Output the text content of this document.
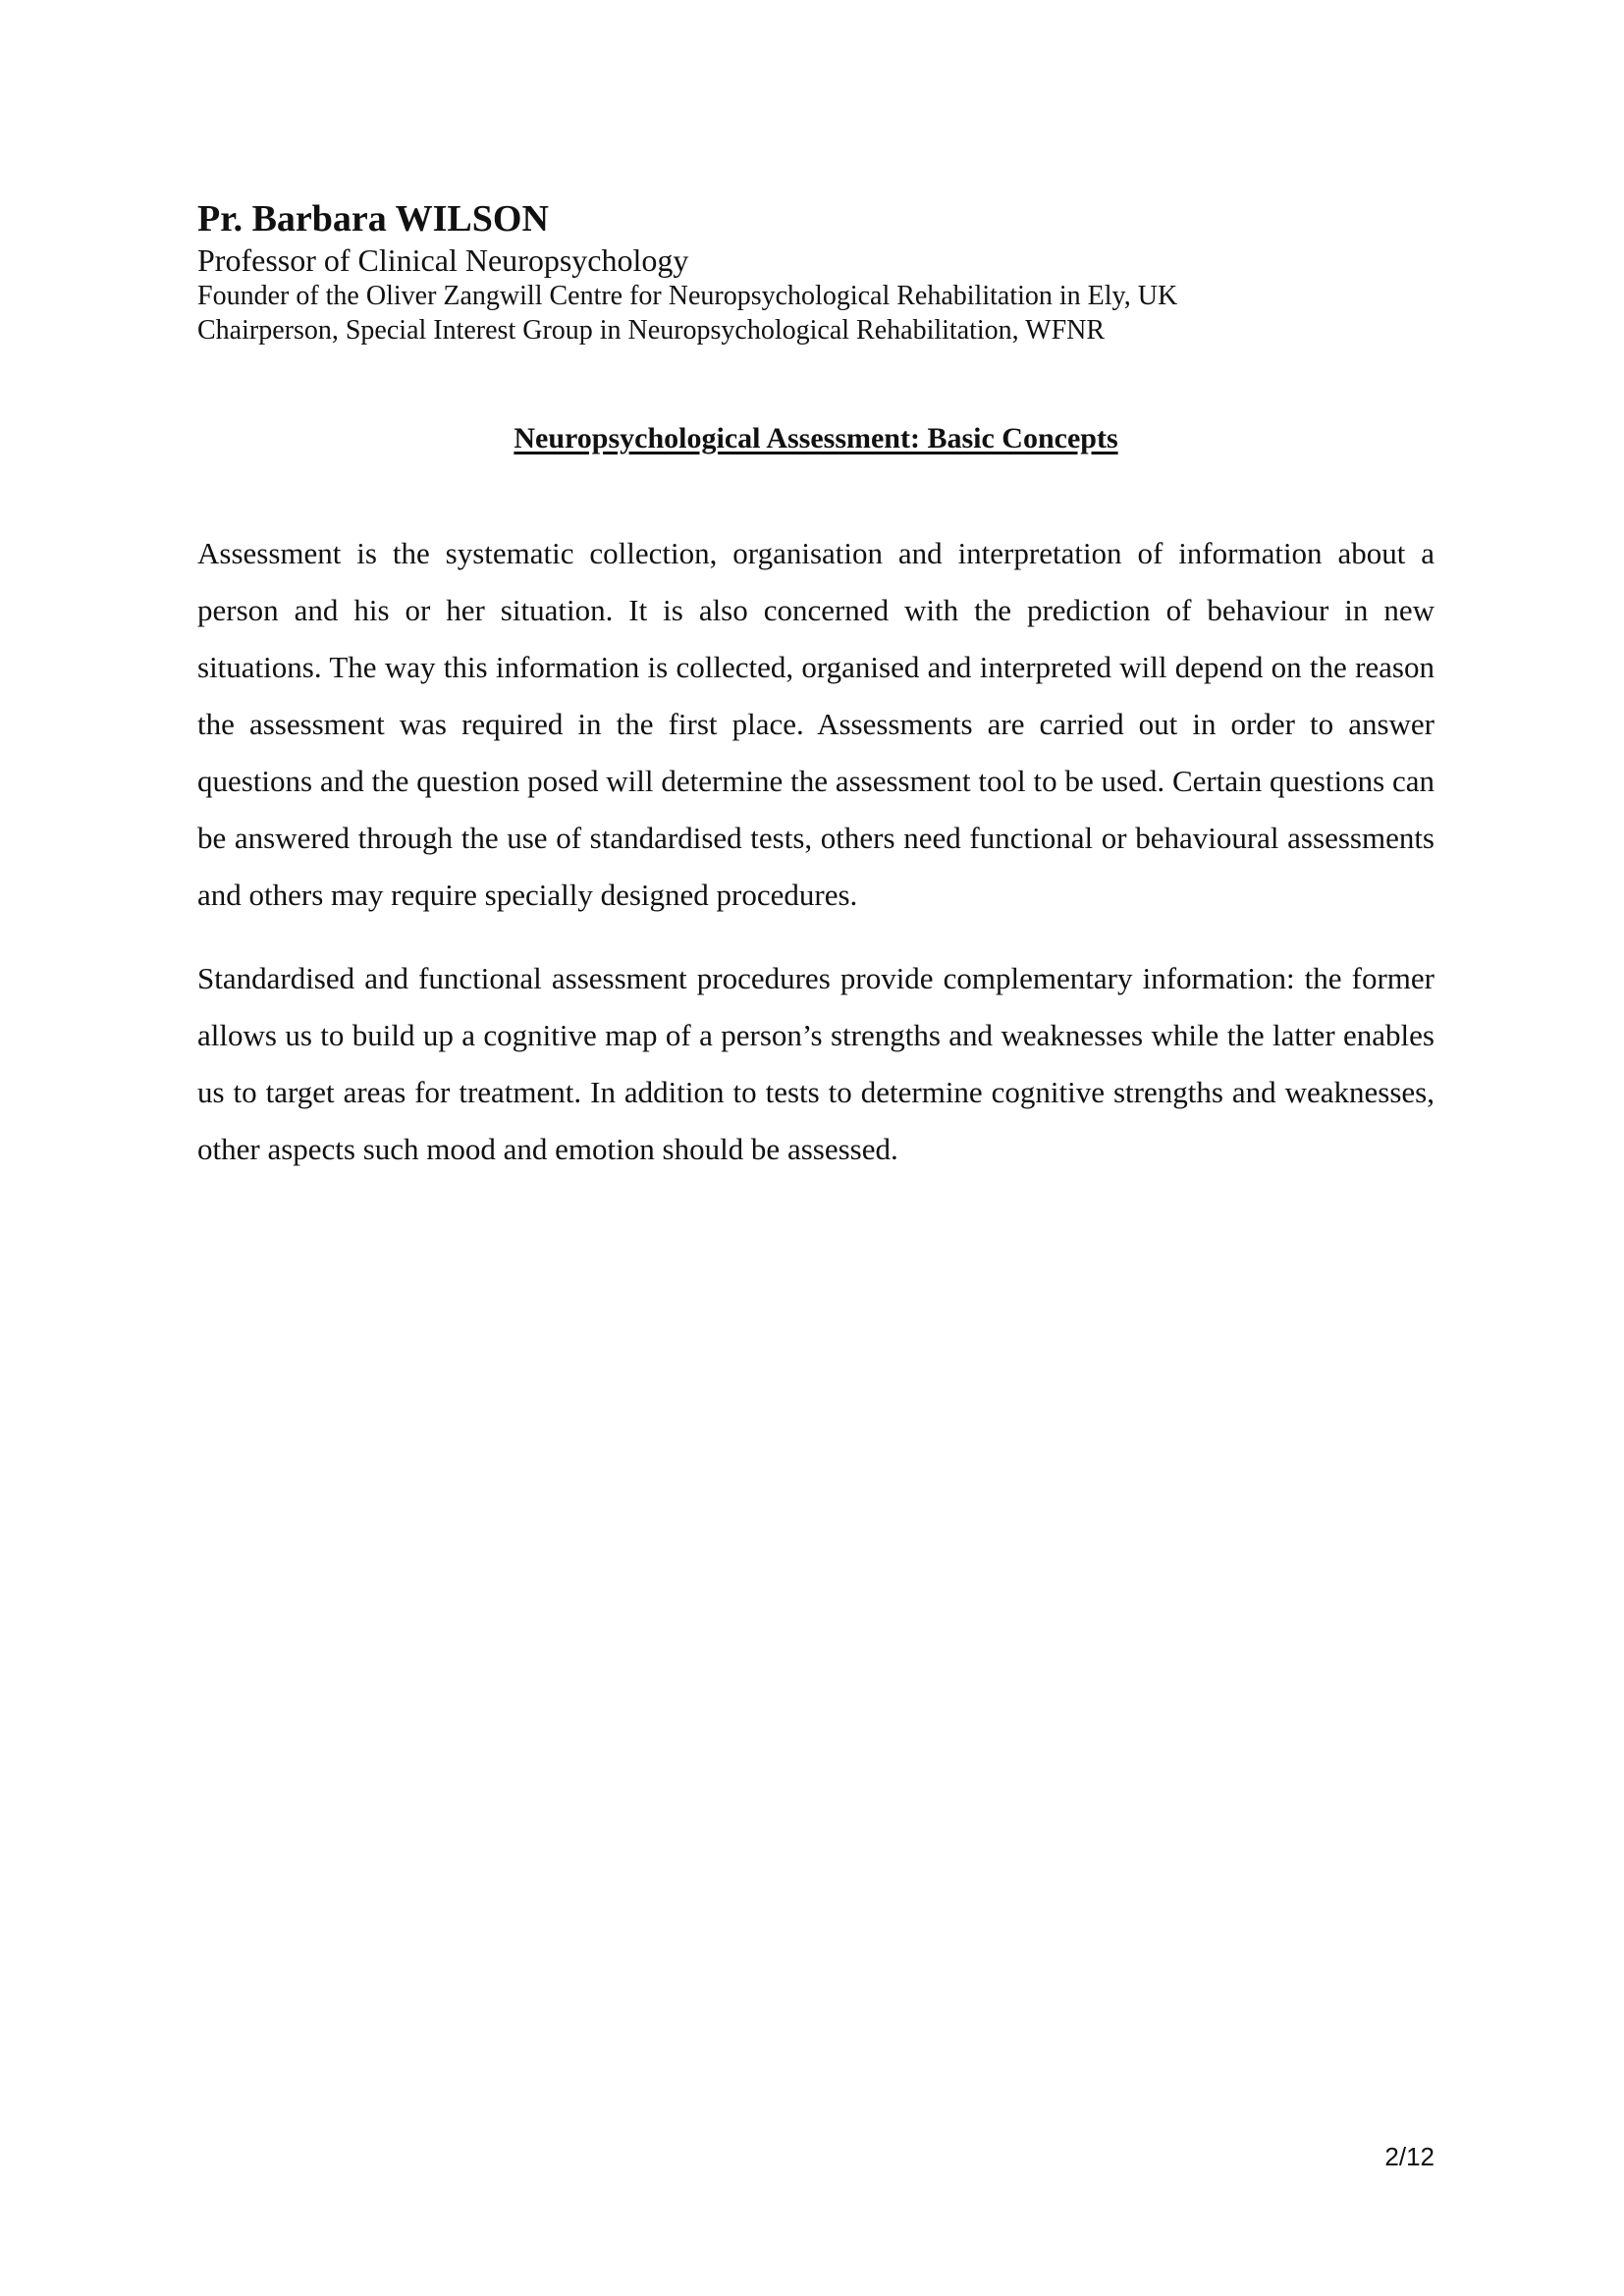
Pr. Barbara WILSON

Professor of Clinical Neuropsychology

Founder of the Oliver Zangwill Centre for Neuropsychological Rehabilitation in Ely, UK

Chairperson, Special Interest Group in Neuropsychological Rehabilitation, WFNR

Neuropsychological Assessment: Basic Concepts

Assessment is the systematic collection, organisation and interpretation of information about a person and his or her situation. It is also concerned with the prediction of behaviour in new situations. The way this information is collected, organised and interpreted will depend on the reason the assessment was required in the first place. Assessments are carried out in order to answer questions and the question posed will determine the assessment tool to be used. Certain questions can be answered through the use of standardised tests, others need functional or behavioural assessments and others may require specially designed procedures.

Standardised and functional assessment procedures provide complementary information: the former allows us to build up a cognitive map of a person’s strengths and weaknesses while the latter enables us to target areas for treatment. In addition to tests to determine cognitive strengths and weaknesses, other aspects such mood and emotion should be assessed.

2/12
